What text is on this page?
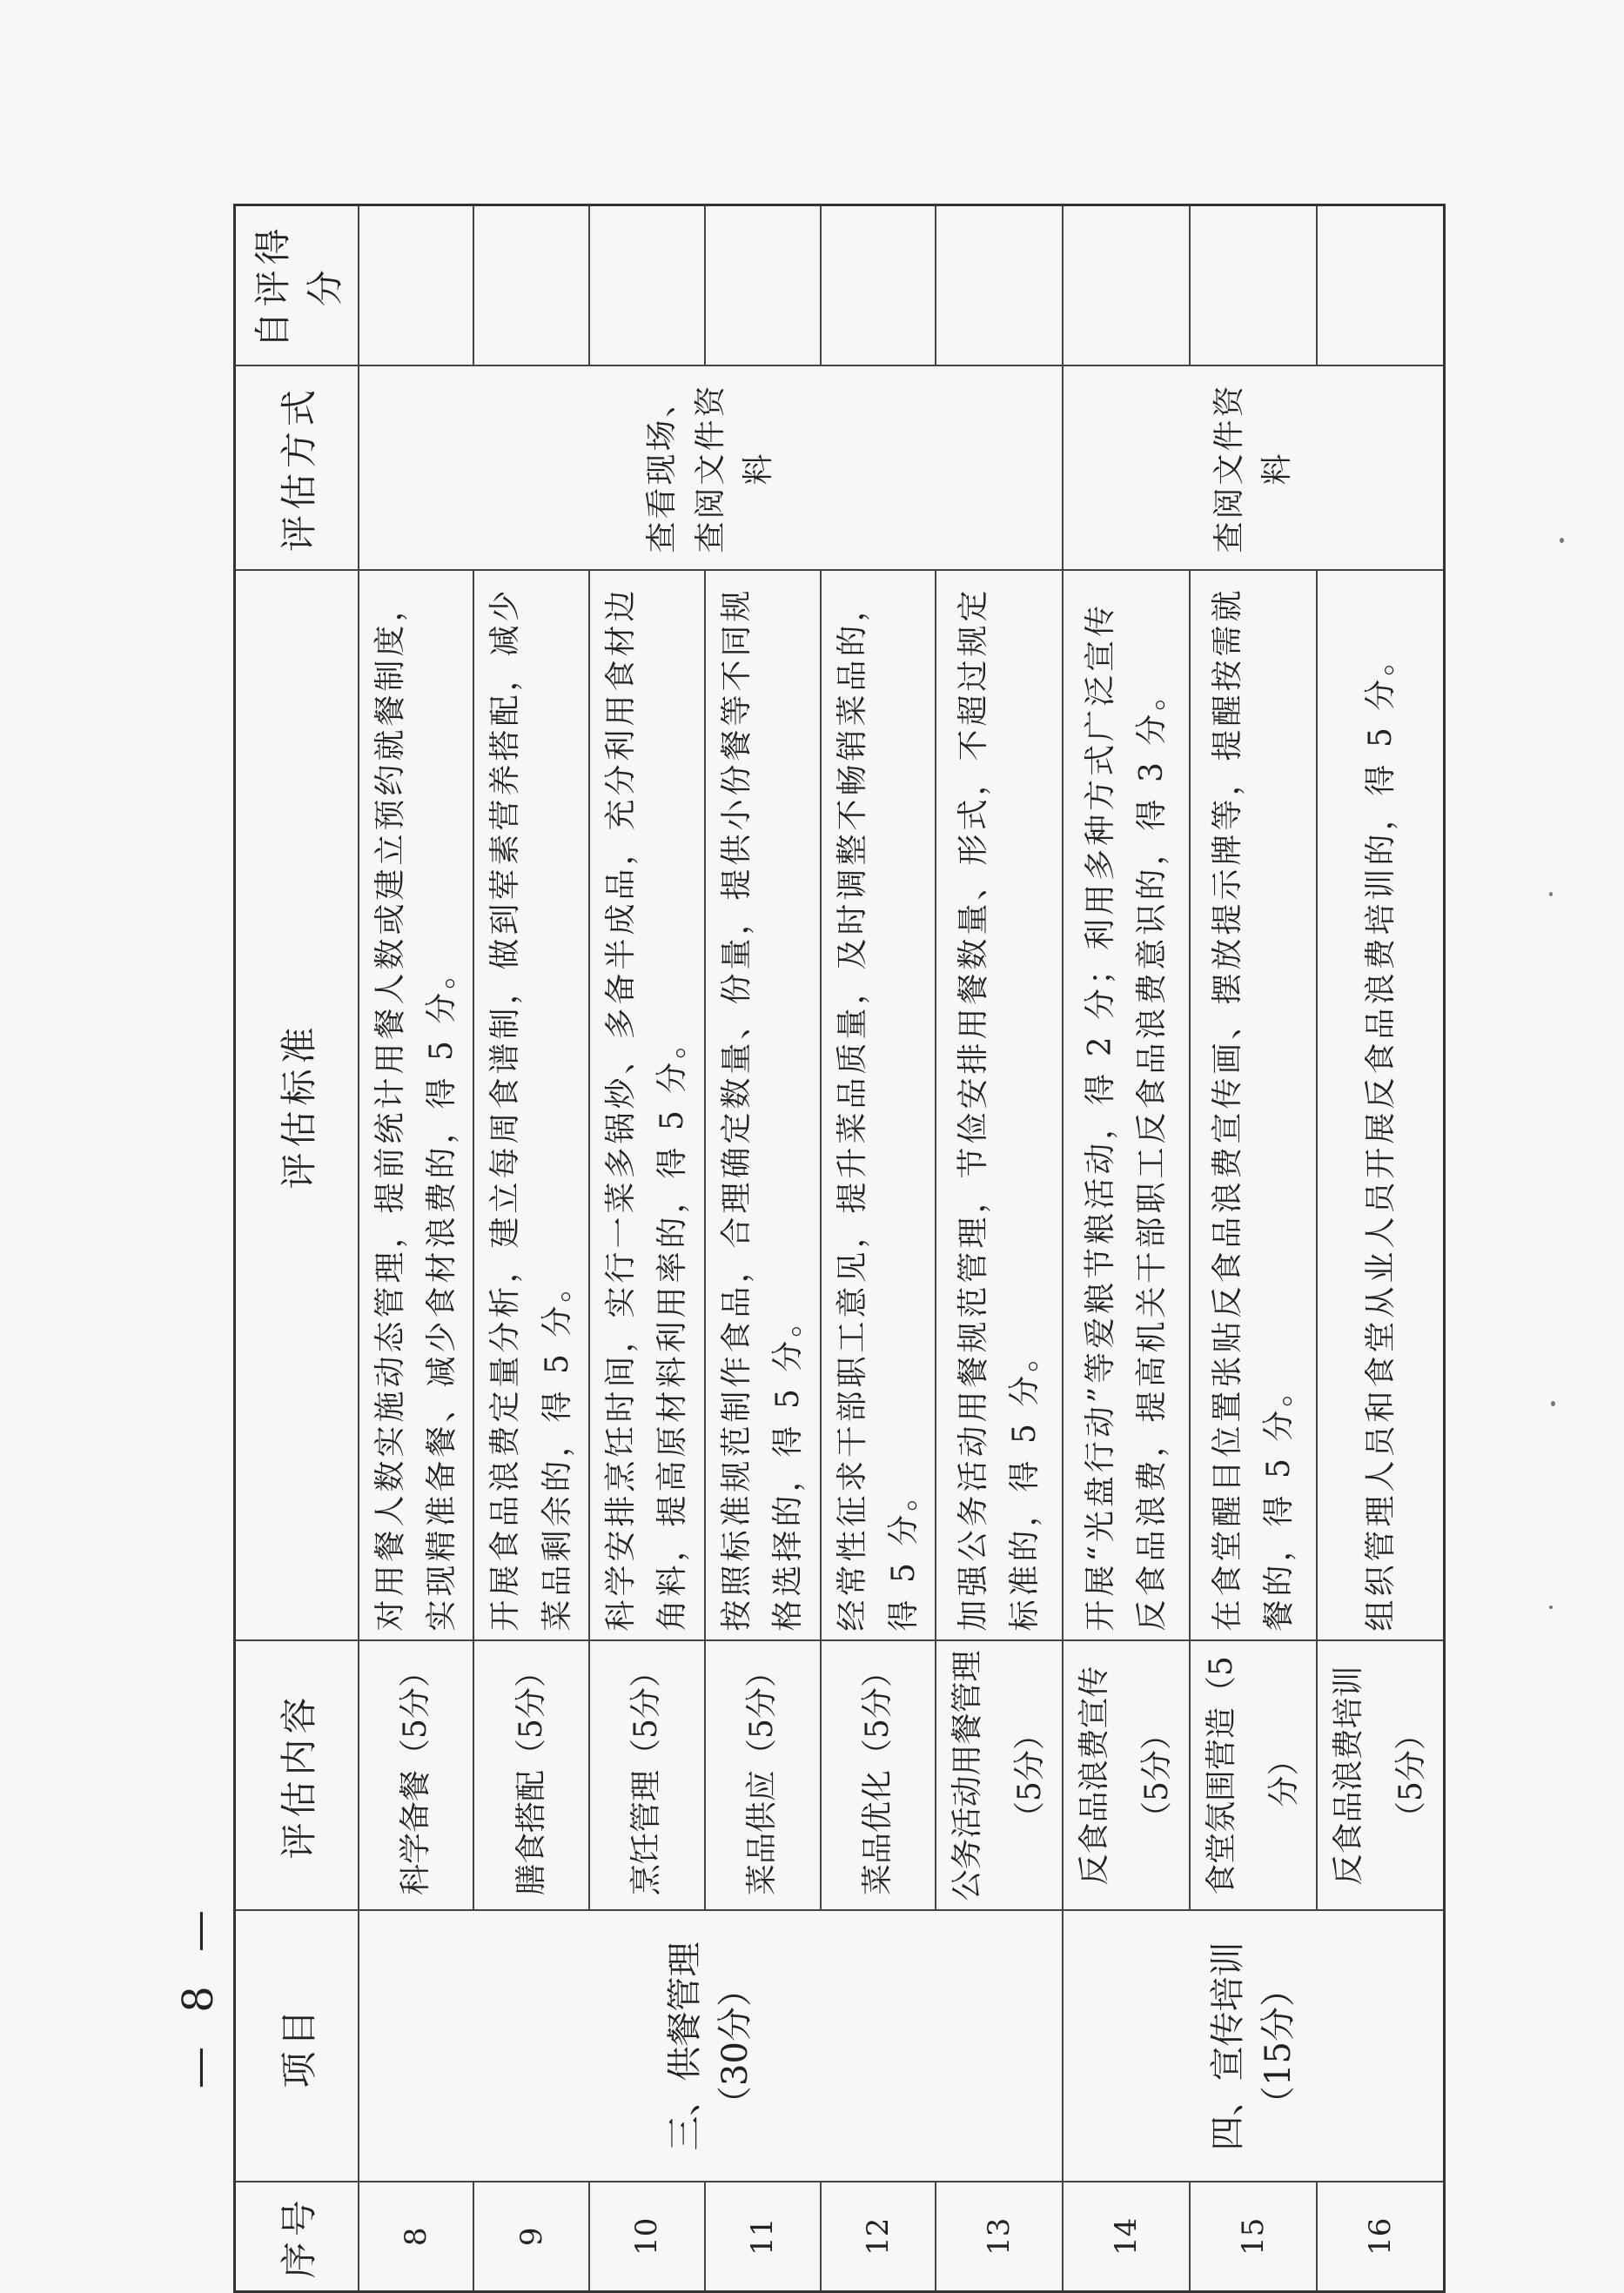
序号	项目	评估内容	评估标准	评估方式	自评得分
8	三、供餐管理（30分）	科学备餐（5分）	对用餐人数实施动态管理，提前统计用餐人数或建立预约就餐制度，实现精准备餐、减少食材浪费的，得 5 分。	查看现场、查阅文件资料	
9		膳食搭配（5分）	开展食品浪费定量分析，建立每周食谱制，做到荤素营养搭配，减少菜品剩余的，得 5 分。		
10		烹饪管理（5分）	科学安排烹饪时间，实行一菜多锅炒、多备半成品，充分利用食材边角料，提高原材料利用率的，得 5 分。		
11		菜品供应（5分）	按照标准规范制作食品，合理确定数量、份量，提供小份餐等不同规格选择的，得 5 分。		
12		菜品优化（5分）	经常性征求干部职工意见，提升菜品质量，及时调整不畅销菜品的，得 5 分。		
13		公务活动用餐管理（5分）	加强公务活动用餐规范管理，节俭安排用餐数量、形式，不超过规定标准的，得 5 分。		
14	四、宣传培训（15分）	反食品浪费宣传（5分）	开展“光盘行动”等爱粮节粮活动，得 2 分；利用多种方式广泛宣传反食品浪费，提高机关干部职工反食品浪费意识的，得 3 分。	查阅文件资料	
15		食堂氛围营造（5分）	在食堂醒目位置张贴反食品浪费宣传画、摆放提示牌等，提醒按需就餐的，得 5 分。		
16		反食品浪费培训（5分）	组织管理人员和食堂从业人员开展反食品浪费培训的，得 5 分。		
— 8 —
